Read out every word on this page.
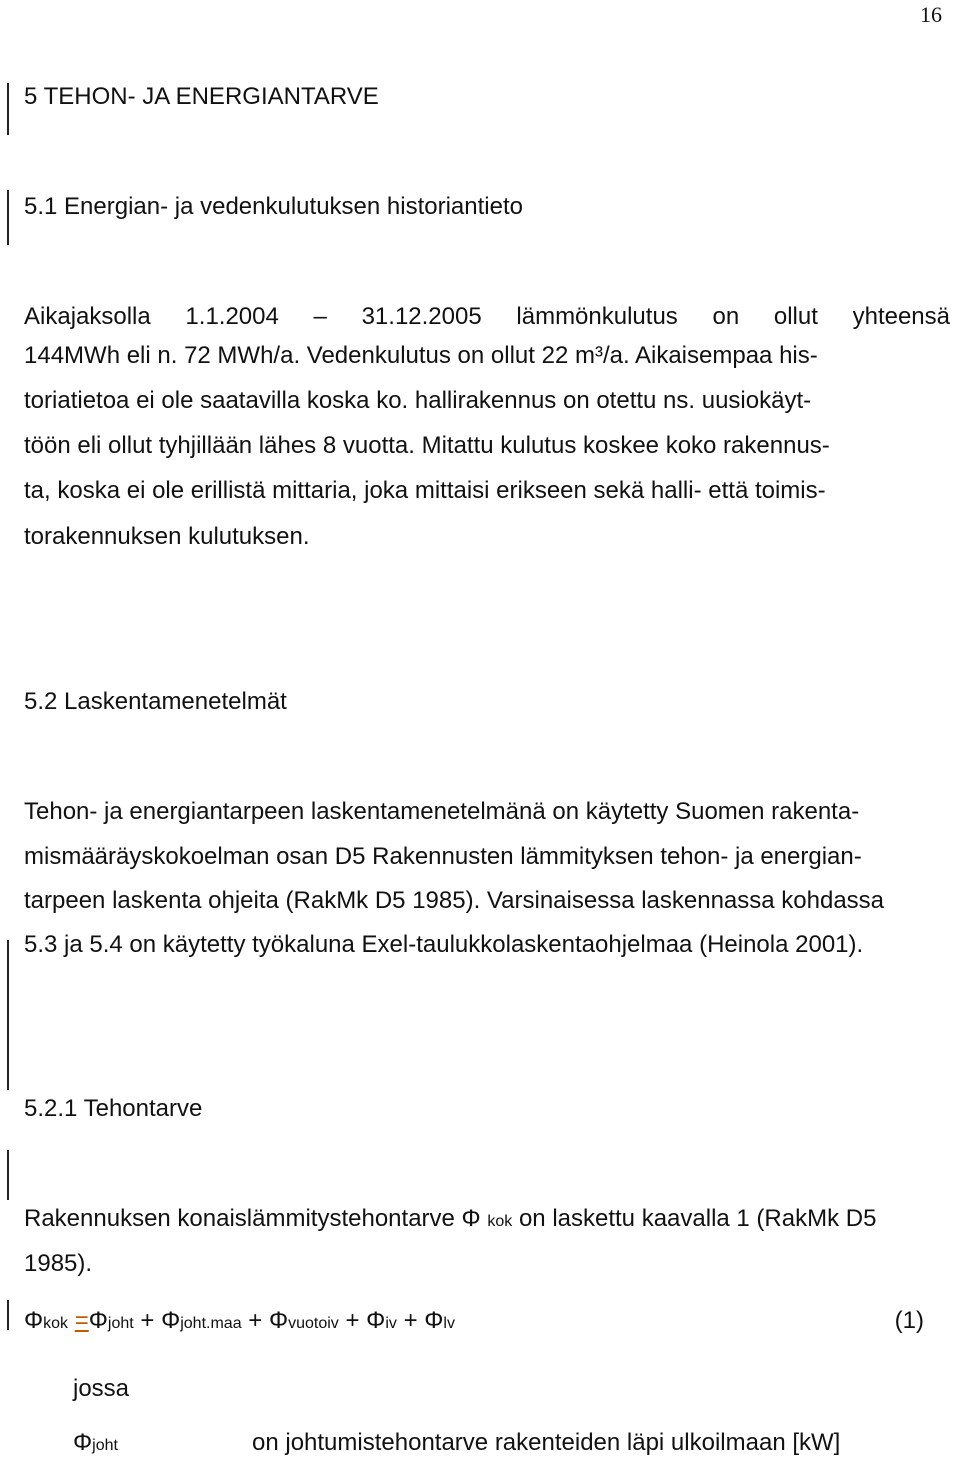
16
5 TEHON- JA ENERGIANTARVE
5.1 Energian- ja vedenkulutuksen historiantieto
Aikajaksolla 1.1.2004 – 31.12.2005 lämmönkulutus on ollut yhteensä
144MWh eli n. 72 MWh/a. Vedenkulutus on ollut 22 m³/a. Aikaisempaa his-
toriatietoa ei ole saatavilla koska ko. hallirakennus on otettu ns. uusiokäyt-
töön eli ollut tyhjillään lähes 8 vuotta. Mitattu kulutus koskee koko rakennus-
ta, koska ei ole erillistä mittaria, joka mittaisi erikseen sekä halli- että toimis-
torakennuksen kulutuksen.
5.2 Laskentamenetelmät
Tehon- ja energiantarpeen laskentamenetelmänä on käytetty Suomen rakenta-
mismääräyskokoelman osan D5 Rakennusten lämmityksen tehon- ja energian-
tarpeen laskenta ohjeita (RakMk D5 1985). Varsinaisessa laskennassa kohdassa
5.3 ja 5.4 on käytetty työkaluna Exel-taulukkolaskentaohjelmaa (Heinola 2001).
5.2.1 Tehontarve
Rakennuksen konaislämmitystehontarve Φ kok on laskettu kaavalla 1 (RakMk D5
1985).
Φkok =Φjoht + Φjoht.maa + Φvuotoiv + Φiv + Φlv	(1)
jossa
Φjoht	on johtumistehontarve rakenteiden läpi ulkoilmaan [kW]
